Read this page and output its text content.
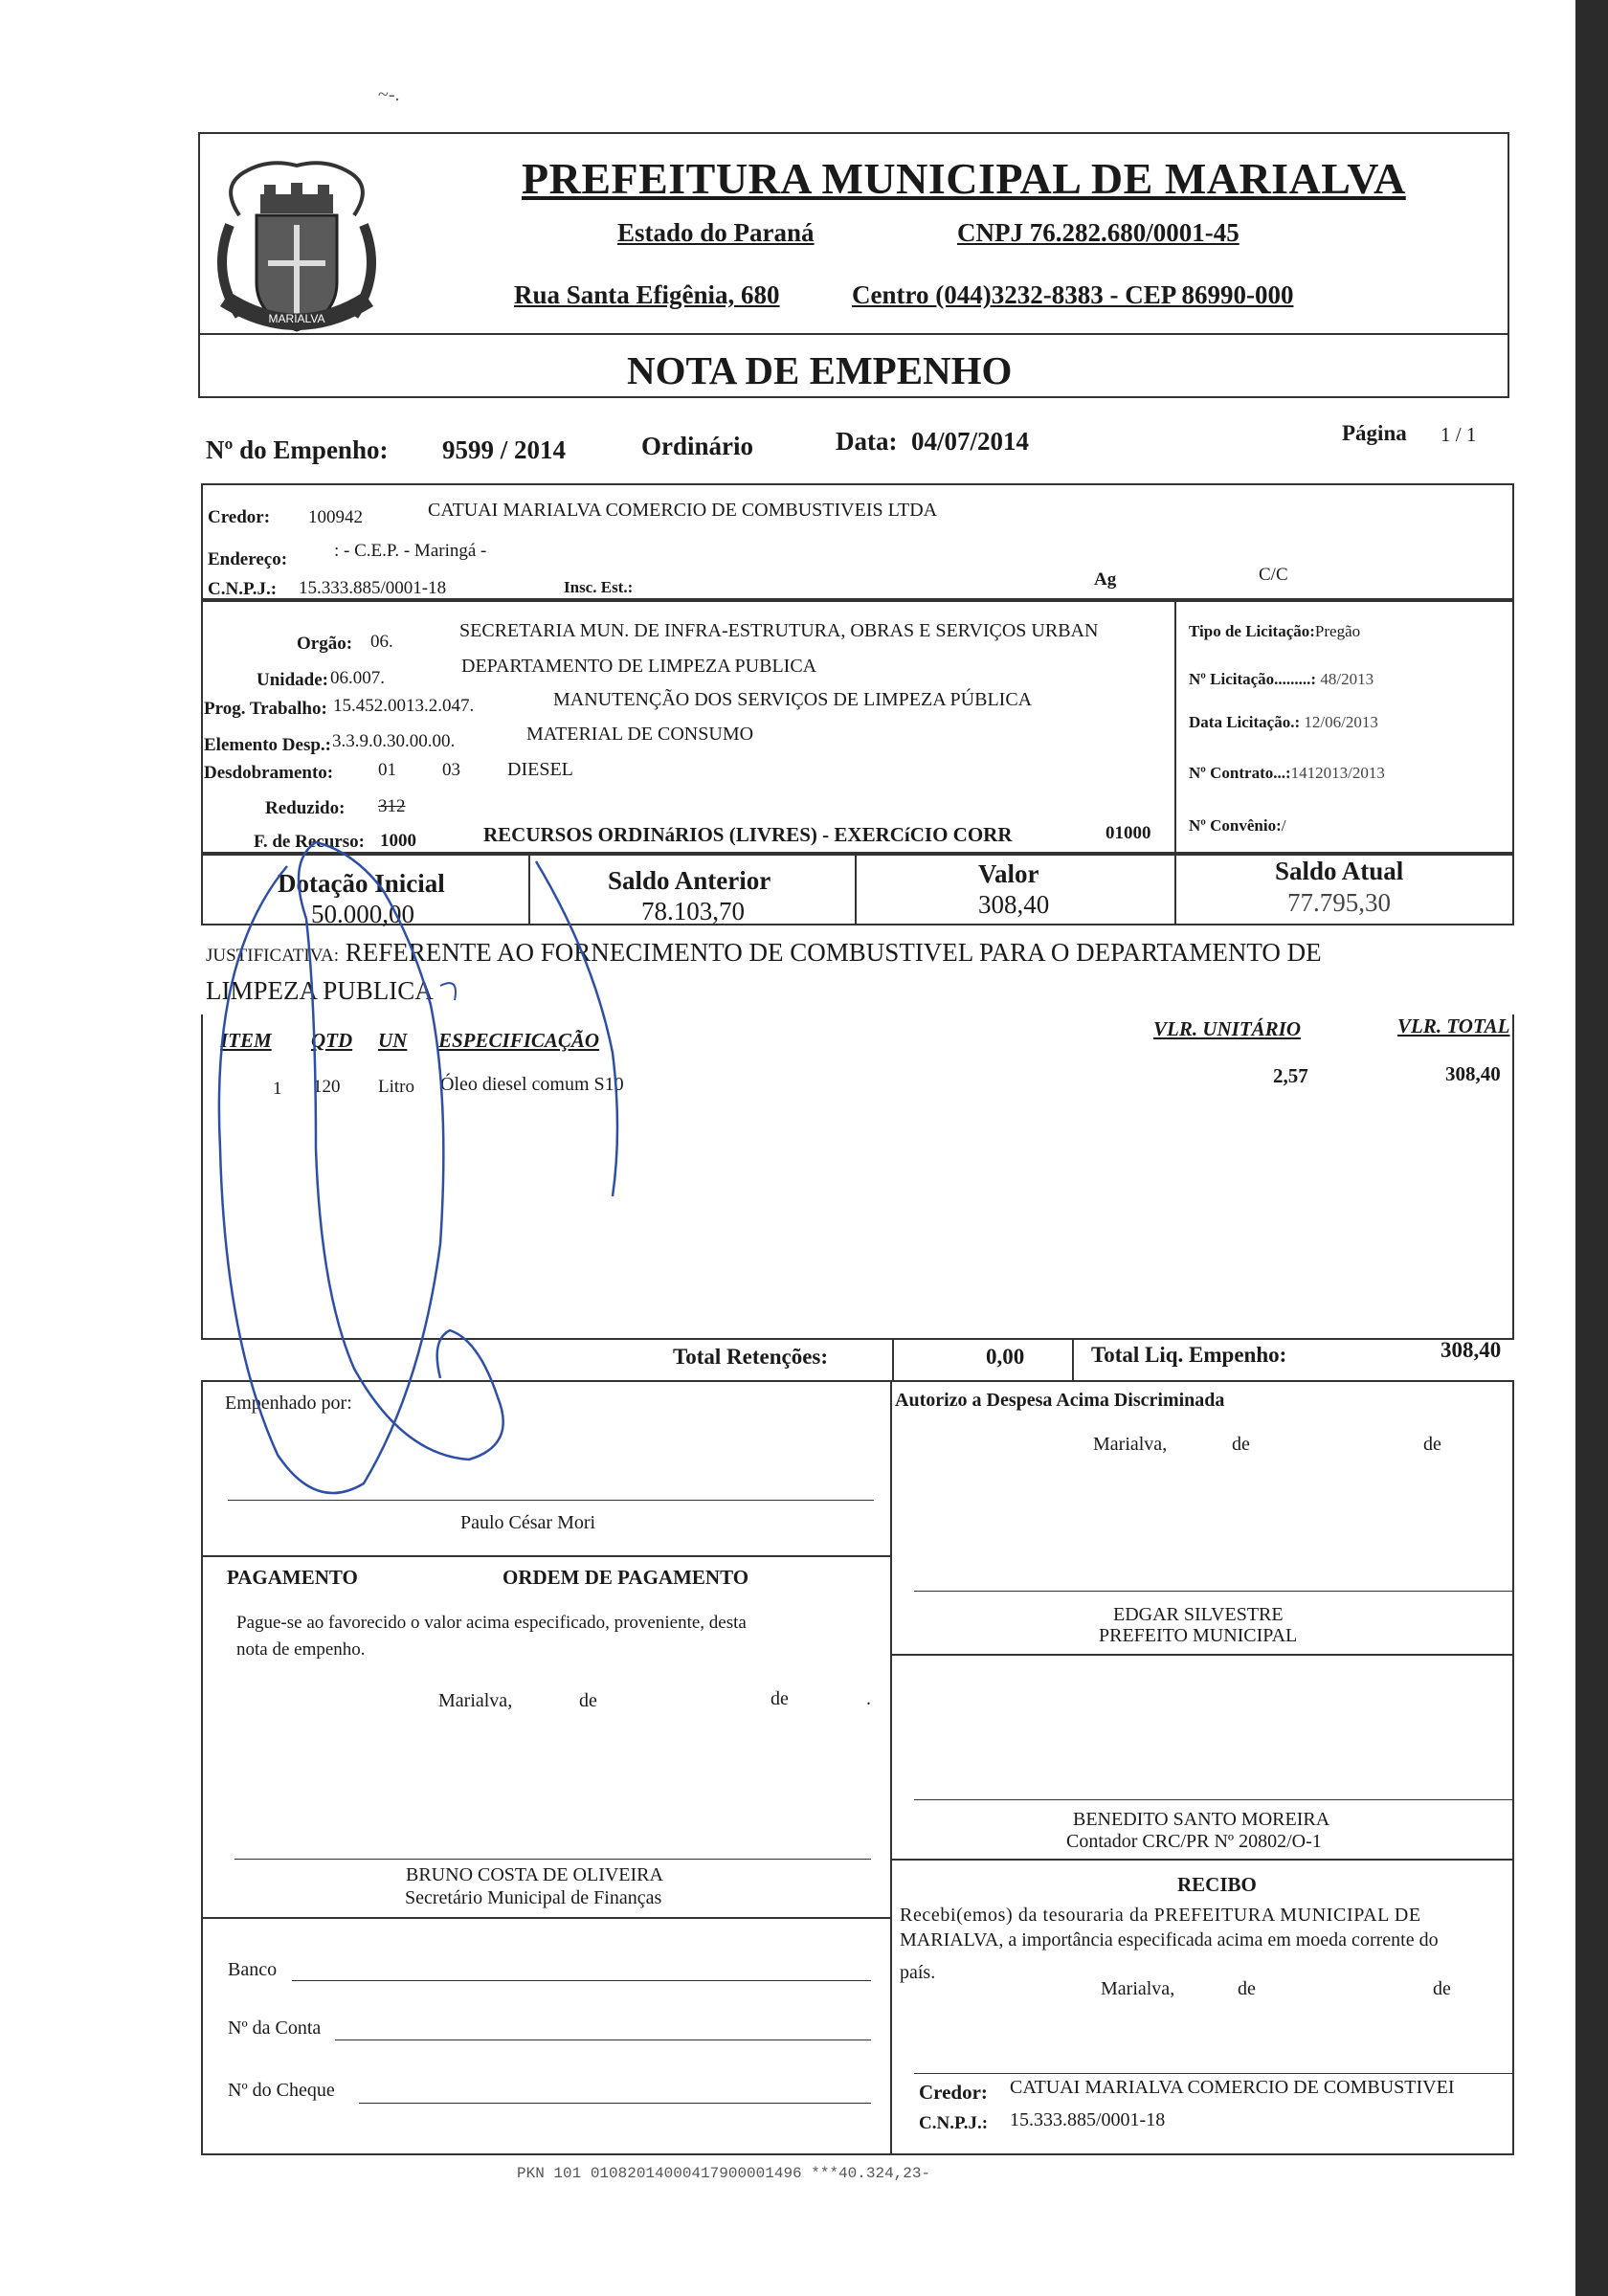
~-.
MARIALVA
PREFEITURA MUNICIPAL DE MARIALVA
Estado do Paraná	CNPJ 76.282.680/0001-45
Rua Santa Efigênia, 680	Centro (044)3232-8383 - CEP 86990-000
NOTA DE EMPENHO
Nº do Empenho: 9599 / 2014	Ordinário	Data: 04/07/2014	Página 1 / 1
Credor: 100942	CATUAI MARIALVA COMERCIO DE COMBUSTIVEIS LTDA
Endereço:	: - C.E.P. - Maringá -
C.N.P.J.: 15.333.885/0001-18	Insc. Est.:	Ag	C/C
Orgão: 06.
SECRETARIA MUN. DE INFRA-ESTRUTURA, OBRAS E SERVIÇOS URBAN
Unidade: 06.007.
DEPARTAMENTO DE LIMPEZA PUBLICA
Prog. Trabalho: 15.452.0013.2.047.	MANUTENÇÃO DOS SERVIÇOS DE LIMPEZA PÚBLICA
Elemento Desp.: 3.3.9.0.30.00.00.	MATERIAL DE CONSUMO
Desdobramento: 01	03 DIESEL
Reduzido: 312
F. de Recurso: 1000	RECURSOS ORDINáRIOS (LIVRES) - EXERCíCIO CORR	01000
Tipo de Licitação:Pregão
Nº Licitação.........: 48/2013
Data Licitação.: 12/06/2013
Nº Contrato...:1412013/2013
Nº Convênio:/
Dotação Inicial
50.000,00
Saldo Anterior
78.103,70
Valor
308,40
Saldo Atual
77.795,30
JUSTIFICATIVA: REFERENTE AO FORNECIMENTO DE COMBUSTIVEL PARA O DEPARTAMENTO DE
LIMPEZA PUBLICA
ITEM QTD UN ESPECIFICAÇÃO	VLR. UNITÁRIO	VLR. TOTAL
1 120 Litro Óleo diesel comum S10	2,57	308,40
Total Retenções:	0,00	Total Liq. Empenho:	308,40
Empenhado por:
Paulo César Mori
Autorizo a Despesa Acima Discriminada
Marialva,	de	de
EDGAR SILVESTRE
PREFEITO MUNICIPAL
BENEDITO SANTO MOREIRA
Contador CRC/PR Nº 20802/O-1
PAGAMENTO	ORDEM DE PAGAMENTO
Pague-se ao favorecido o valor acima especificado, proveniente, desta
nota de empenho.
Marialva,	de	de	.
BRUNO COSTA DE OLIVEIRA
Secretário Municipal de Finanças
Banco
Nº da Conta
Nº do Cheque
RECIBO
Recebi(emos) da tesouraria da PREFEITURA MUNICIPAL DE
MARIALVA, a importância especificada acima em moeda corrente do
país.
Marialva,	de	de
Credor: CATUAI MARIALVA COMERCIO DE COMBUSTIVEI
C.N.P.J.: 15.333.885/0001-18
PKN 101 01082014000417900001496 ***40.324,23-
